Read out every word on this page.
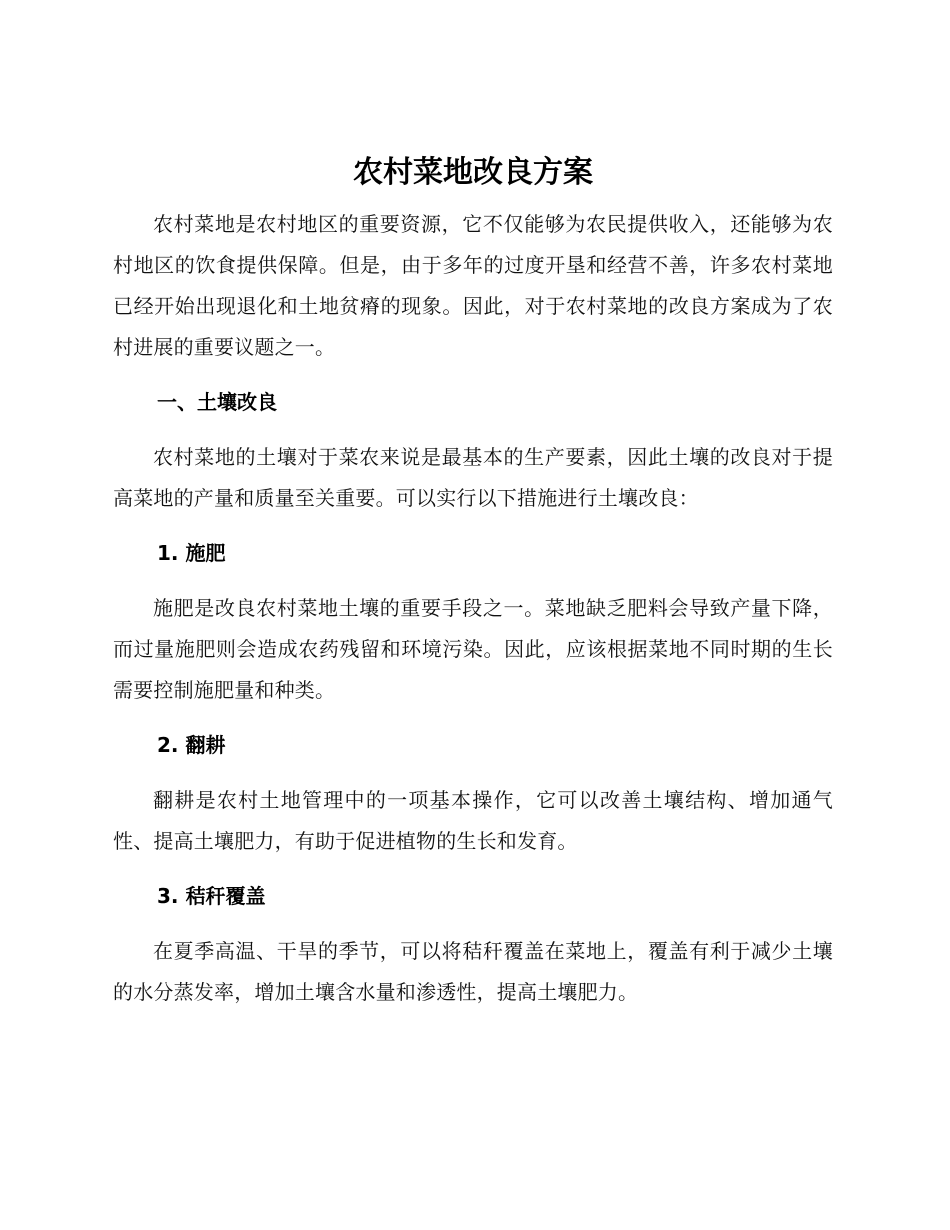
农村菜地改良方案

农村菜地是农村地区的重要资源，它不仅能够为农民提供收入，还能够为农村地区的饮食提供保障。但是，由于多年的过度开垦和经营不善，许多农村菜地已经开始出现退化和土地贫瘠的现象。因此，对于农村菜地的改良方案成为了农村进展的重要议题之一。

一、土壤改良

农村菜地的土壤对于菜农来说是最基本的生产要素，因此土壤的改良对于提高菜地的产量和质量至关重要。可以实行以下措施进行土壤改良：

1. 施肥

施肥是改良农村菜地土壤的重要手段之一。菜地缺乏肥料会导致产量下降，而过量施肥则会造成农药残留和环境污染。因此，应该根据菜地不同时期的生长需要控制施肥量和种类。

2. 翻耕

翻耕是农村土地管理中的一项基本操作，它可以改善土壤结构、增加通气性、提高土壤肥力，有助于促进植物的生长和发育。

3. 秸秆覆盖

在夏季高温、干旱的季节，可以将秸秆覆盖在菜地上，覆盖有利于减少土壤的水分蒸发率，增加土壤含水量和渗透性，提高土壤肥力。
